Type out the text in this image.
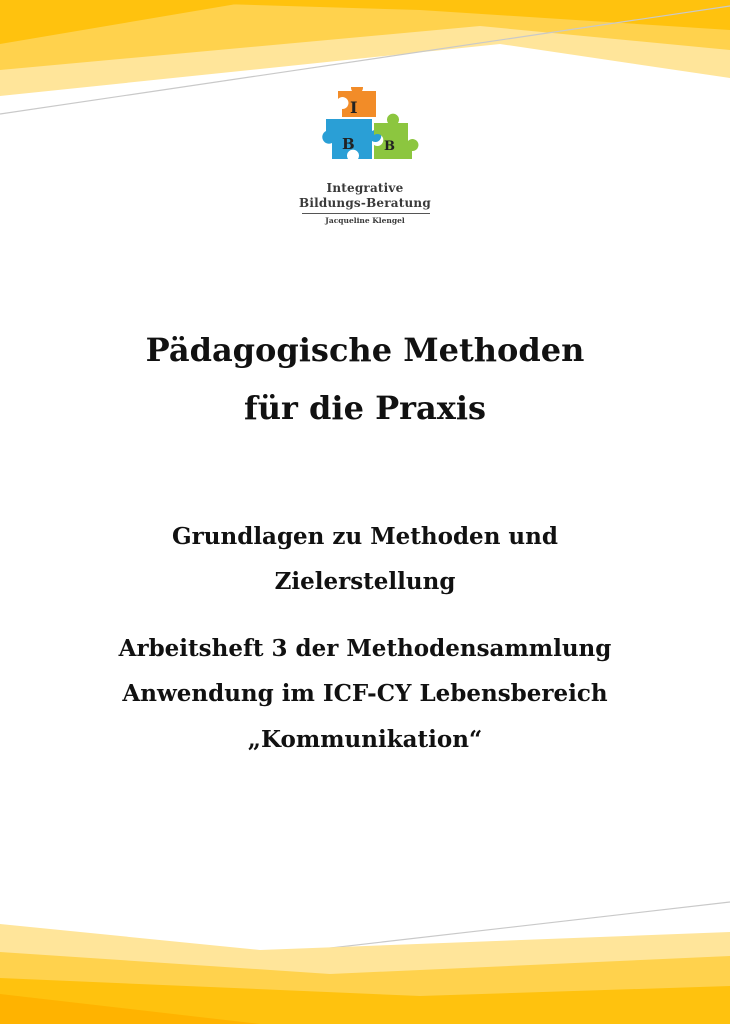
I
B B
Integrative
Bildungs-Beratung
Jacqueline Klengel
Pädagogische Methoden
für die Praxis
Grundlagen zu Methoden und
Zielerstellung
Arbeitsheft 3 der Methodensammlung
Anwendung im ICF-CY Lebensbereich
„Kommunikation“
